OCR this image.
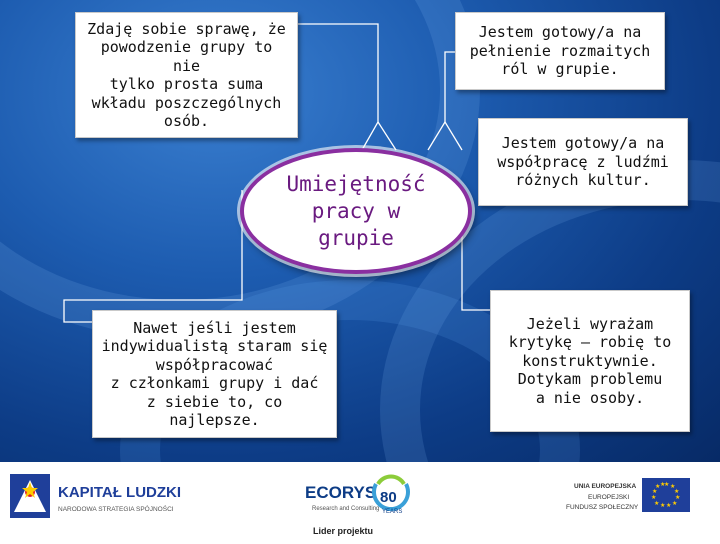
Zdaję sobie sprawę, że
powodzenie grupy to nie
tylko prosta suma
wkładu poszczególnych
osób.
Jestem gotowy/a na
pełnienie rozmaitych
ról w grupie.
Jestem gotowy/a na
współpracę z ludźmi
różnych kultur.
Nawet jeśli jestem
indywidualistą staram się
współpracować
z członkami grupy i dać
z siebie to, co najlepsze.
Jeżeli wyrażam
krytykę – robię to
konstruktywnie.
Dotykam problemu
a nie osoby.
Umiejętność
pracy w
grupie
KAPITAŁ LUDZKI
NARODOWA STRATEGIA SPÓJNOŚCI
ECORYS
Research and Consulting
80
YEARS
Lider projektu
UNIA EUROPEJSKA
EUROPEJSKI
FUNDUSZ SPOŁECZNY
★ ★
★
★
★
★
★
★
★
★
★ ★
